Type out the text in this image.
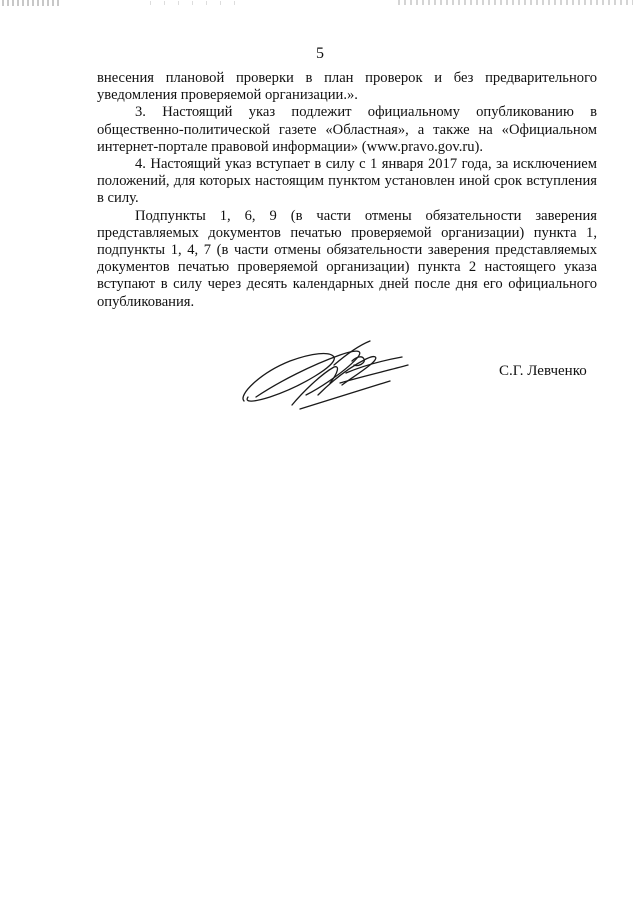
5

внесения плановой проверки в план проверок и без предварительного уведомления проверяемой организации.».

3. Настоящий указ подлежит официальному опубликованию в общественно-политической газете «Областная», а также на «Официальном интернет-портале правовой информации» (www.pravo.gov.ru).

4. Настоящий указ вступает в силу с 1 января 2017 года, за исключением положений, для которых настоящим пунктом установлен иной срок вступления в силу.

Подпункты 1, 6, 9 (в части отмены обязательности заверения представляемых документов печатью проверяемой организации) пункта 1, подпункты 1, 4, 7 (в части отмены обязательности заверения представляемых документов печатью проверяемой организации) пункта 2 настоящего указа вступают в силу через десять календарных дней после дня его официального опубликования.

С.Г. Левченко
